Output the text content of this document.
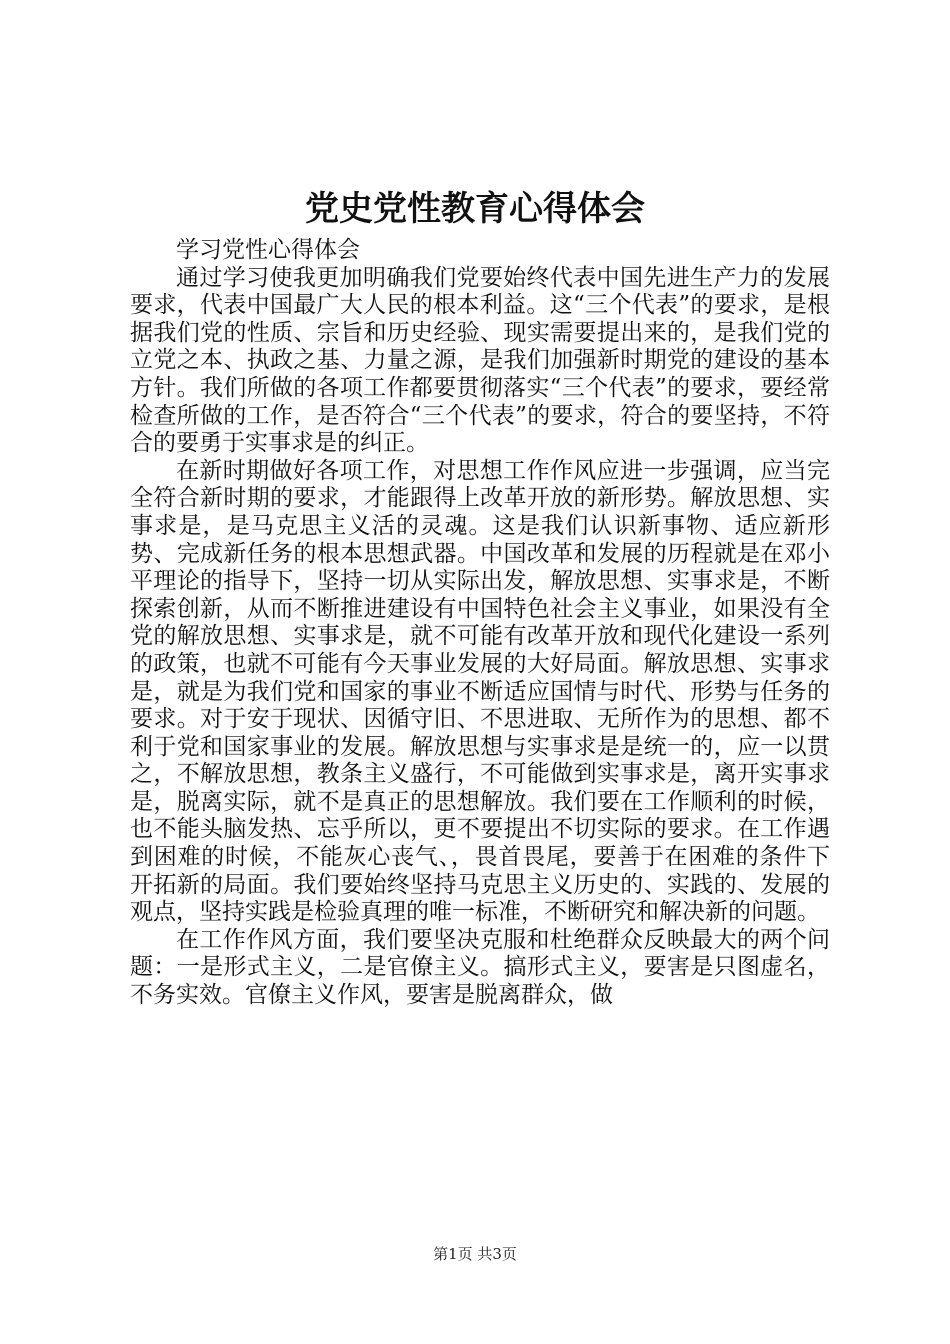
党史党性教育心得体会

学习党性心得体会

通过学习使我更加明确我们党要始终代表中国先进生产力的发展要求，代表中国最广大人民的根本利益。这“三个代表”的要求，是根据我们党的性质、宗旨和历史经验、现实需要提出来的，是我们党的立党之本、执政之基、力量之源，是我们加强新时期党的建设的基本方针。我们所做的各项工作都要贯彻落实“三个代表”的要求，要经常检查所做的工作，是否符合“三个代表”的要求，符合的要坚持，不符合的要勇于实事求是的纠正。

在新时期做好各项工作，对思想工作作风应进一步强调，应当完全符合新时期的要求，才能跟得上改革开放的新形势。解放思想、实事求是，是马克思主义活的灵魂。这是我们认识新事物、适应新形势、完成新任务的根本思想武器。中国改革和发展的历程就是在邓小平理论的指导下，坚持一切从实际出发，解放思想、实事求是，不断探索创新，从而不断推进建设有中国特色社会主义事业，如果没有全党的解放思想、实事求是，就不可能有改革开放和现代化建设一系列的政策，也就不可能有今天事业发展的大好局面。解放思想、实事求是，就是为我们党和国家的事业不断适应国情与时代、形势与任务的要求。对于安于现状、因循守旧、不思进取、无所作为的思想、都不利于党和国家事业的发展。解放思想与实事求是是统一的，应一以贯之，不解放思想，教条主义盛行，不可能做到实事求是，离开实事求是，脱离实际，就不是真正的思想解放。我们要在工作顺利的时候，也不能头脑发热、忘乎所以，更不要提出不切实际的要求。在工作遇到困难的时候，不能灰心丧气、，畏首畏尾，要善于在困难的条件下开拓新的局面。我们要始终坚持马克思主义历史的、实践的、发展的观点，坚持实践是检验真理的唯一标准，不断研究和解决新的问题。

在工作作风方面，我们要坚决克服和杜绝群众反映最大的两个问题：一是形式主义，二是官僚主义。搞形式主义，要害是只图虚名，不务实效。官僚主义作风，要害是脱离群众，做

第1页 共3页
